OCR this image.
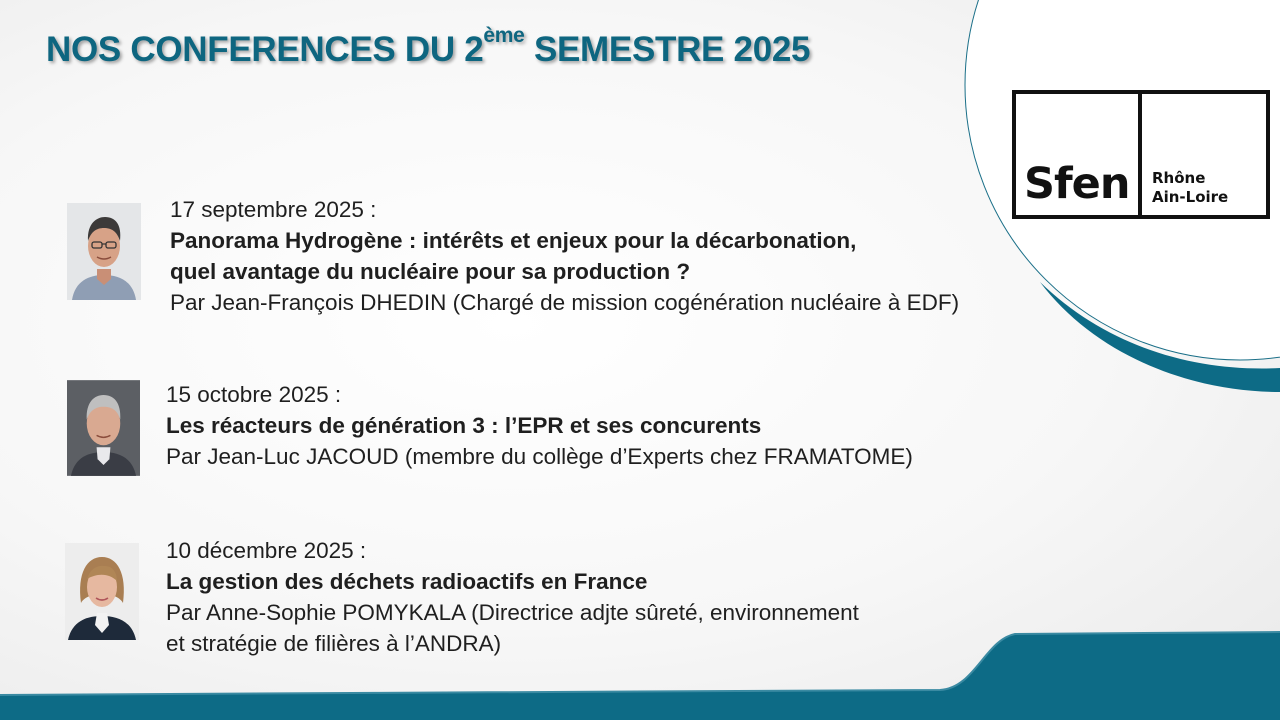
NOS CONFERENCES DU 2ème SEMESTRE 2025
Sfen	Rhône
Ain-Loire
17 septembre 2025 :
Panorama Hydrogène : intérêts et enjeux pour la décarbonation,
quel avantage du nucléaire pour sa production ?
Par Jean-François DHEDIN (Chargé de mission cogénération nucléaire à EDF)
15 octobre 2025 :
Les réacteurs de génération 3 : l’EPR et ses concurents
Par Jean-Luc JACOUD (membre du collège d’Experts chez FRAMATOME)
10 décembre 2025 :
La gestion des déchets radioactifs en France
Par Anne-Sophie POMYKALA (Directrice adjte sûreté, environnement
et stratégie de filières à l’ANDRA)
